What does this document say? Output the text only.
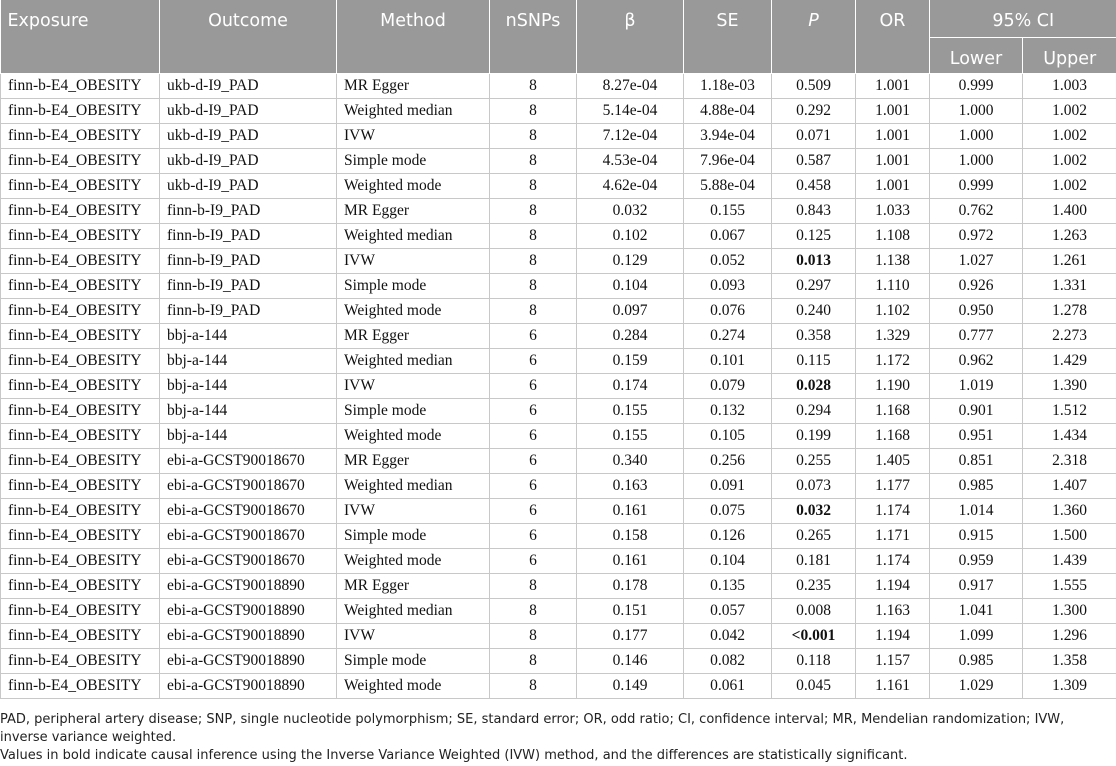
Exposure	Outcome	Method	nSNPs	β	SE	P	OR	95% CI	
								Lower	Upper
finn-b-E4_OBESITY	ukb-d-I9_PAD	MR Egger	8	8.27e-04	1.18e-03	0.509	1.001	0.999	1.003
finn-b-E4_OBESITY	ukb-d-I9_PAD	Weighted median	8	5.14e-04	4.88e-04	0.292	1.001	1.000	1.002
finn-b-E4_OBESITY	ukb-d-I9_PAD	IVW	8	7.12e-04	3.94e-04	0.071	1.001	1.000	1.002
finn-b-E4_OBESITY	ukb-d-I9_PAD	Simple mode	8	4.53e-04	7.96e-04	0.587	1.001	1.000	1.002
finn-b-E4_OBESITY	ukb-d-I9_PAD	Weighted mode	8	4.62e-04	5.88e-04	0.458	1.001	0.999	1.002
finn-b-E4_OBESITY	finn-b-I9_PAD	MR Egger	8	0.032	0.155	0.843	1.033	0.762	1.400
finn-b-E4_OBESITY	finn-b-I9_PAD	Weighted median	8	0.102	0.067	0.125	1.108	0.972	1.263
finn-b-E4_OBESITY	finn-b-I9_PAD	IVW	8	0.129	0.052	0.013	1.138	1.027	1.261
finn-b-E4_OBESITY	finn-b-I9_PAD	Simple mode	8	0.104	0.093	0.297	1.110	0.926	1.331
finn-b-E4_OBESITY	finn-b-I9_PAD	Weighted mode	8	0.097	0.076	0.240	1.102	0.950	1.278
finn-b-E4_OBESITY	bbj-a-144	MR Egger	6	0.284	0.274	0.358	1.329	0.777	2.273
finn-b-E4_OBESITY	bbj-a-144	Weighted median	6	0.159	0.101	0.115	1.172	0.962	1.429
finn-b-E4_OBESITY	bbj-a-144	IVW	6	0.174	0.079	0.028	1.190	1.019	1.390
finn-b-E4_OBESITY	bbj-a-144	Simple mode	6	0.155	0.132	0.294	1.168	0.901	1.512
finn-b-E4_OBESITY	bbj-a-144	Weighted mode	6	0.155	0.105	0.199	1.168	0.951	1.434
finn-b-E4_OBESITY	ebi-a-GCST90018670	MR Egger	6	0.340	0.256	0.255	1.405	0.851	2.318
finn-b-E4_OBESITY	ebi-a-GCST90018670	Weighted median	6	0.163	0.091	0.073	1.177	0.985	1.407
finn-b-E4_OBESITY	ebi-a-GCST90018670	IVW	6	0.161	0.075	0.032	1.174	1.014	1.360
finn-b-E4_OBESITY	ebi-a-GCST90018670	Simple mode	6	0.158	0.126	0.265	1.171	0.915	1.500
finn-b-E4_OBESITY	ebi-a-GCST90018670	Weighted mode	6	0.161	0.104	0.181	1.174	0.959	1.439
finn-b-E4_OBESITY	ebi-a-GCST90018890	MR Egger	8	0.178	0.135	0.235	1.194	0.917	1.555
finn-b-E4_OBESITY	ebi-a-GCST90018890	Weighted median	8	0.151	0.057	0.008	1.163	1.041	1.300
finn-b-E4_OBESITY	ebi-a-GCST90018890	IVW	8	0.177	0.042	<0.001	1.194	1.099	1.296
finn-b-E4_OBESITY	ebi-a-GCST90018890	Simple mode	8	0.146	0.082	0.118	1.157	0.985	1.358
finn-b-E4_OBESITY	ebi-a-GCST90018890	Weighted mode	8	0.149	0.061	0.045	1.161	1.029	1.309

PAD, peripheral artery disease; SNP, single nucleotide polymorphism; SE, standard error; OR, odd ratio; CI, confidence interval; MR, Mendelian randomization; IVW, inverse variance weighted.

Values in bold indicate causal inference using the Inverse Variance Weighted (IVW) method, and the differences are statistically significant.
